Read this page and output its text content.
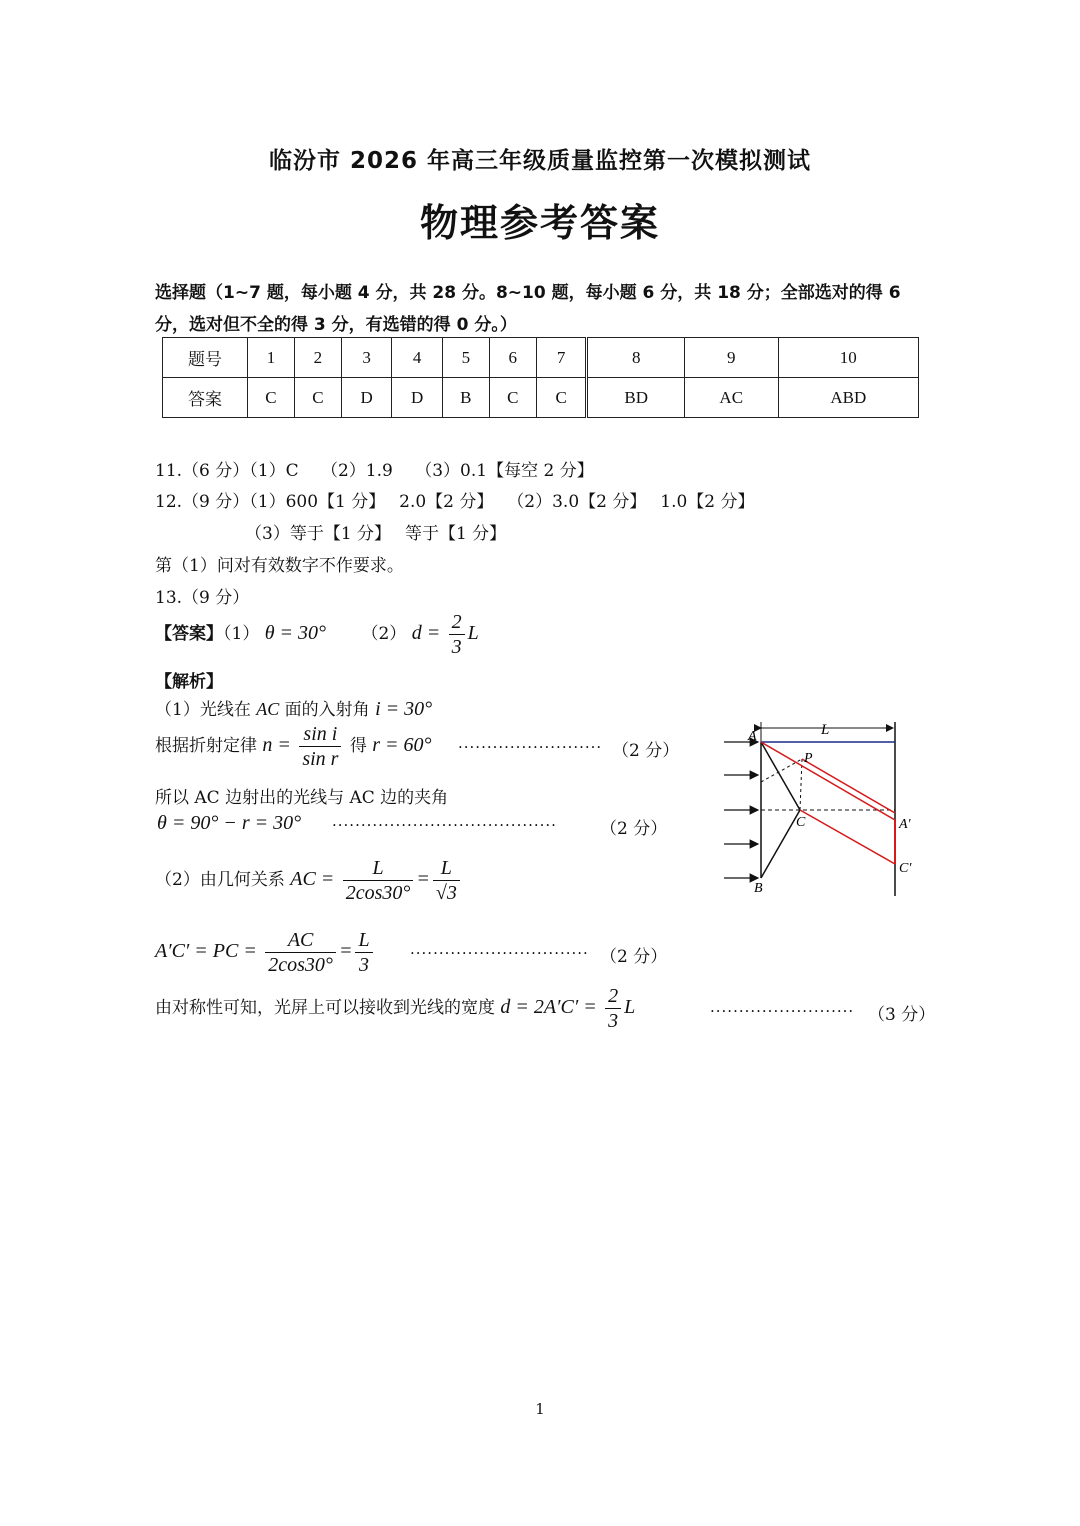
临汾市 2026 年高三年级质量监控第一次模拟测试
物理参考答案
选择题（1~7 题，每小题 4 分，共 28 分。8~10 题，每小题 6 分，共 18 分；全部选对的得 6
分，选对但不全的得 3 分，有选错的得 0 分。）
题号	1	2	3	4	5	6	7	8	9	10
答案	C	C	D	D	B	C	C	BD	AC	ABD
11.（6 分）（1）C　 （2）1.9　 （3）0.1【每空 2 分】
12.（9 分）（1）600【1 分】　 2.0【2 分】　 （2）3.0【2 分】　 1.0【2 分】
（3）等于【1 分】　 等于【1 分】
第（1）问对有效数字不作要求。
13.（9 分）
【答案】（1） θ = 30° （2） $d = \frac{2}{3}$ L
【解析】
（1）光线在 AC 面的入射角 i = 30°
根据折射定律 $n = \frac{\text{sin i}}{\text{sin r}}$ 得 r = 60° ························· （2 分）
所以 AC 边射出的光线与 AC 边的夹角
θ = 90° − r = 30° ·······································	（2 分）
（2）由几何关系 AC = $\frac{L}{2\cos 30^\circ} = \frac{L}{√3}$
A′C′ = PC = $\frac{AC}{2\cos 30^\circ} = \frac{L}{3}$ ······························· （2 分）
由对称性可知，光屏上可以接收到光线的宽度 $d = 2A'C' = \frac{2}{3}$ L	························· （3 分）
L
A
B
C
P
A′
C′
1
